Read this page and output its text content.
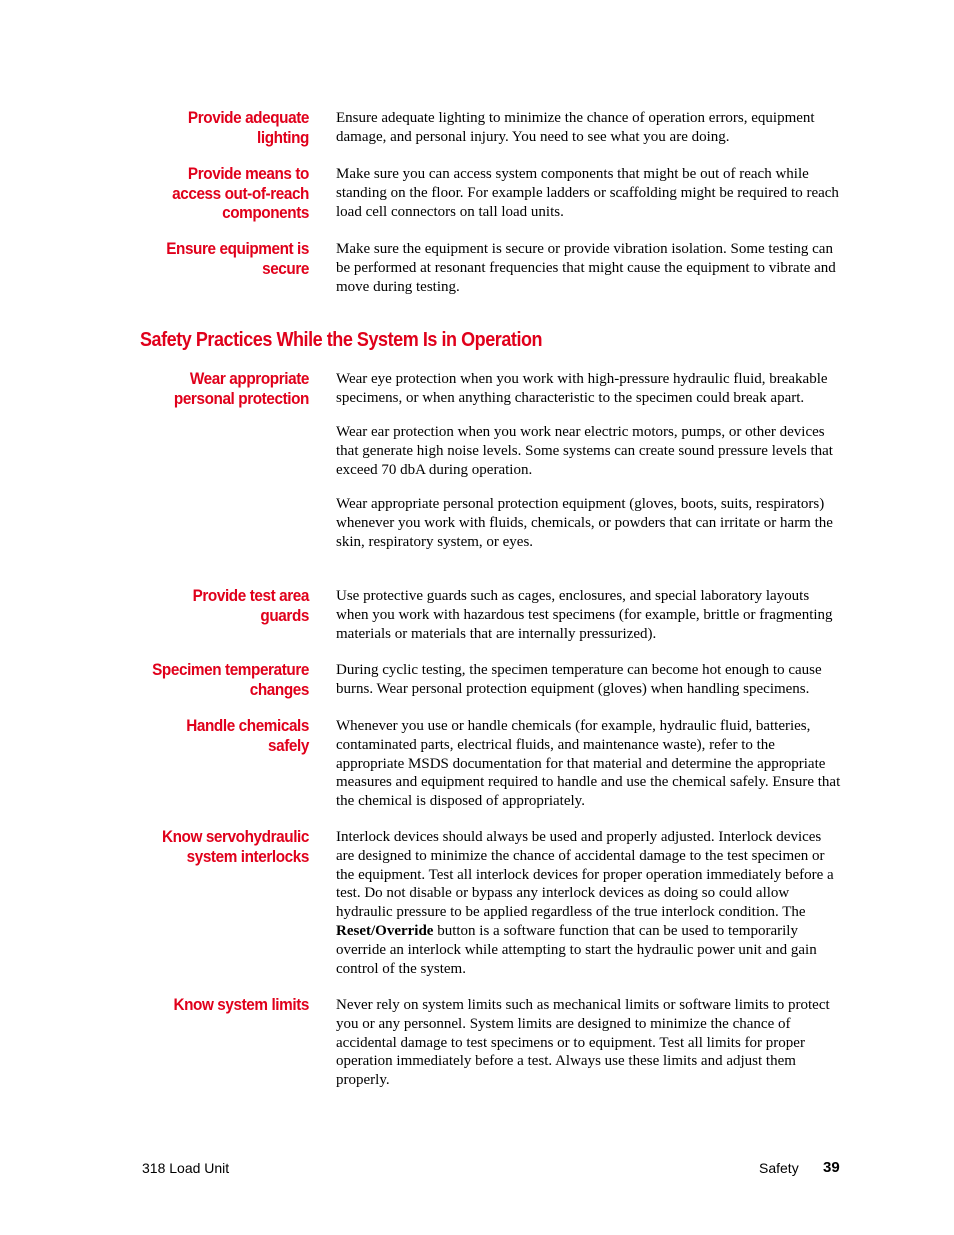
Provide adequate
lighting

Ensure adequate lighting to minimize the chance of operation errors, equipment damage, and personal injury. You need to see what you are doing.

Provide means to
access out-of-reach
components

Make sure you can access system components that might be out of reach while standing on the floor. For example ladders or scaffolding might be required to reach load cell connectors on tall load units.

Ensure equipment is
secure

Make sure the equipment is secure or provide vibration isolation. Some testing can be performed at resonant frequencies that might cause the equipment to vibrate and move during testing.

Safety Practices While the System Is in Operation
Wear appropriate
personal protection

Wear eye protection when you work with high-pressure hydraulic fluid, breakable specimens, or when anything characteristic to the specimen could break apart.

Wear ear protection when you work near electric motors, pumps, or other devices that generate high noise levels. Some systems can create sound pressure levels that exceed 70 dbA during operation.

Wear appropriate personal protection equipment (gloves, boots, suits, respirators) whenever you work with fluids, chemicals, or powders that can irritate or harm the skin, respiratory system, or eyes.

Provide test area
guards

Use protective guards such as cages, enclosures, and special laboratory layouts when you work with hazardous test specimens (for example, brittle or fragmenting materials or materials that are internally pressurized).

Specimen temperature
changes

During cyclic testing, the specimen temperature can become hot enough to cause burns. Wear personal protection equipment (gloves) when handling specimens.

Handle chemicals
safely

Whenever you use or handle chemicals (for example, hydraulic fluid, batteries, contaminated parts, electrical fluids, and maintenance waste), refer to the appropriate MSDS documentation for that material and determine the appropriate measures and equipment required to handle and use the chemical safely. Ensure that the chemical is disposed of appropriately.

Know servohydraulic
system interlocks

Interlock devices should always be used and properly adjusted. Interlock devices are designed to minimize the chance of accidental damage to the test specimen or the equipment. Test all interlock devices for proper operation immediately before a test. Do not disable or bypass any interlock devices as doing so could allow hydraulic pressure to be applied regardless of the true interlock condition. The Reset/Override button is a software function that can be used to temporarily override an interlock while attempting to start the hydraulic power unit and gain control of the system.

Know system limits Never rely on system limits such as mechanical limits or software limits to protect you or any personnel. System limits are designed to minimize the chance of accidental damage to test specimens or to equipment. Test all limits for proper operation immediately before a test. Always use these limits and adjust them properly.

318 Load Unit	Safety 39
